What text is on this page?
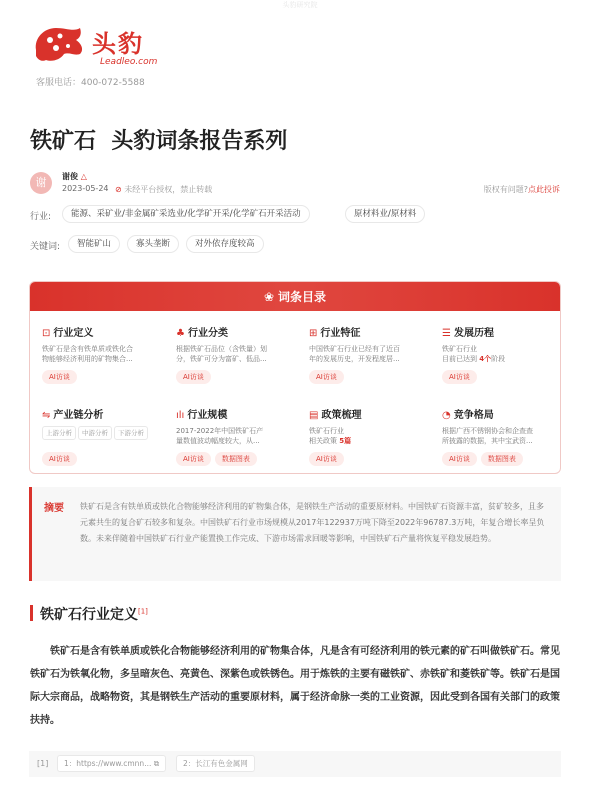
头豹研究院
头豹
Leadleo.com
客服电话：400-072-5588
铁矿石  头豹词条报告系列
谢	谢俊 △
2023-05-24 ⊘ 未经平台授权，禁止转载	版权有问题?点此投诉
行业:	能源、采矿业/非金属矿采选业/化学矿开采/化学矿石开采活动	原材料业/原材料
关键词:	智能矿山	寡头垄断	对外依存度较高
❀ 词条目录
⊡ 行业定义
铁矿石是含有铁单质或铁化合
物能够经济利用的矿物集合...
AI访谈
♣ 行业分类
根据铁矿石品位（含铁量）划
分，铁矿可分为富矿、低品...
AI访谈
⊞ 行业特征
中国铁矿石行业已经有了近百
年的发展历史，开发程度居...
AI访谈
☰ 发展历程
铁矿石行业
目前已达到 4个阶段
AI访谈
⇋ 产业链分析
上游分析 中游分析 下游分析
AI访谈
ılı 行业规模
2017-2022年中国铁矿石产
量数值波动幅度较大，从...
AI访谈	数据图表
▤ 政策梳理
铁矿石行业
相关政策 5篇
AI访谈
◔ 竞争格局
根据广西不锈钢协会和企查查
所披露的数据，其中宝武资...
AI访谈	数据图表
摘要 铁矿石是含有铁单质或铁化合物能够经济利用的矿物集合体，是钢铁生产活动的重要原材料。中国铁矿石资源丰富，贫矿较多，且多元素共生的复合矿石较多和复杂。中国铁矿石行业市场规模从2017年122937万吨下降至2022年96787.3万吨，年复合增长率呈负数。未来伴随着中国铁矿石行业产能置换工作完成、下游市场需求回暖等影响，中国铁矿石产量将恢复平稳发展趋势。
铁矿石行业定义[1]
铁矿石是含有铁单质或铁化合物能够经济利用的矿物集合体，凡是含有可经济利用的铁元素的矿石叫做铁矿石。常见铁矿石为铁氧化物，多呈暗灰色、亮黄色、深紫色或铁锈色。用于炼铁的主要有磁铁矿、赤铁矿和菱铁矿等。铁矿石是国际大宗商品，战略物资，其是钢铁生产活动的重要原材料，属于经济命脉一类的工业资源，因此受到各国有关部门的政策扶持。
[1]	1：https://www.cmnn... ⧉	2：长江有色金属网
